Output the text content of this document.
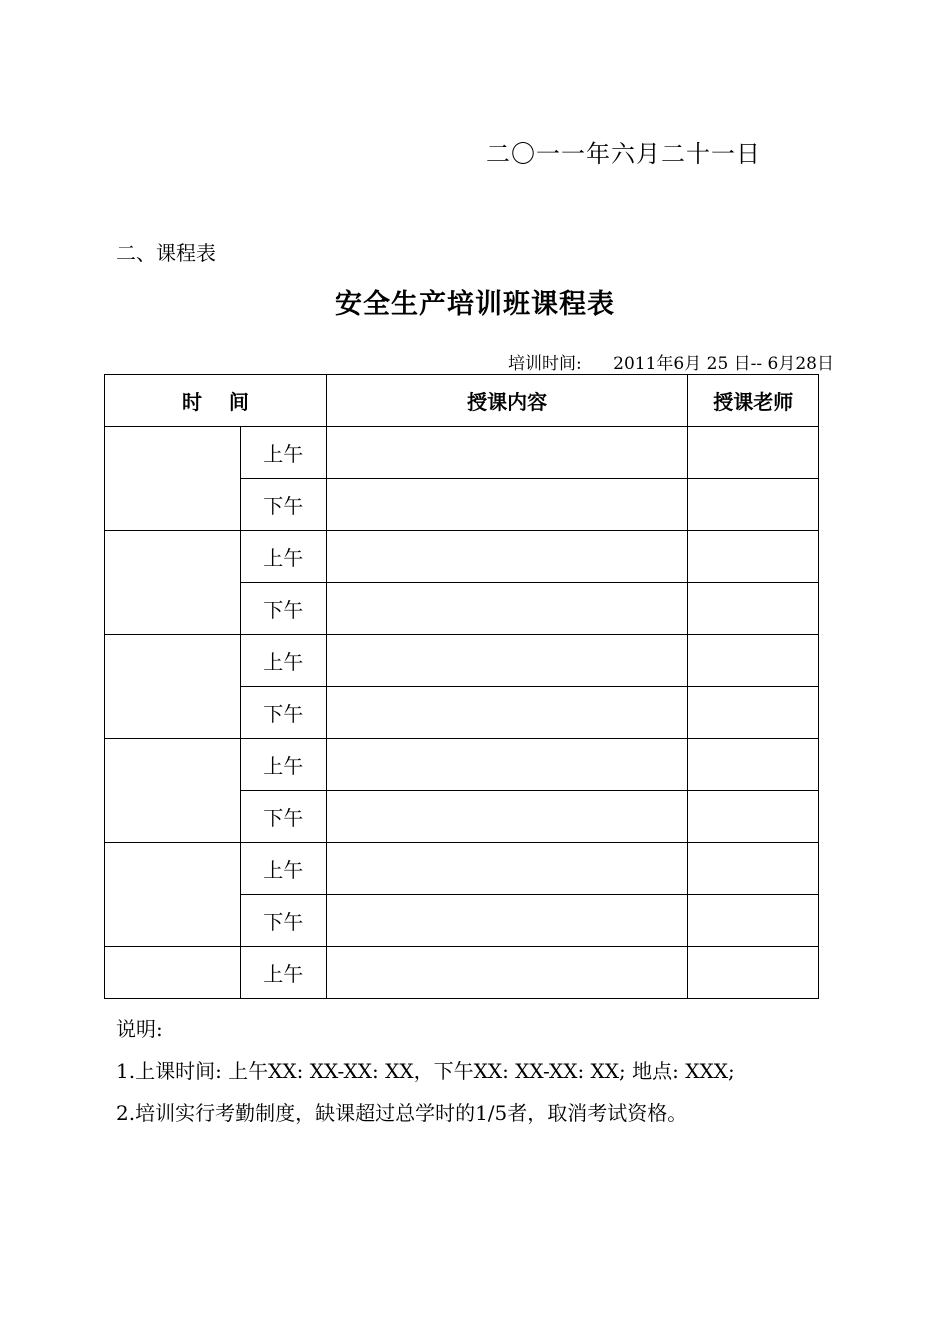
二〇一一年六月二十一日
二、课程表
安全生产培训班课程表
培训时间: 2011年6月 25 日-- 6月28日
时　 间		授课内容	授课老师
	上午		
	下午		
	上午		
	下午		
	上午		
	下午		
	上午		
	下午		
	上午		
	下午		
	上午		
说明:
1.上课时间: 上午XX: XX-XX: XX，下午XX: XX-XX: XX; 地点: XXX;
2.培训实行考勤制度，缺课超过总学时的1/5者，取消考试资格。
